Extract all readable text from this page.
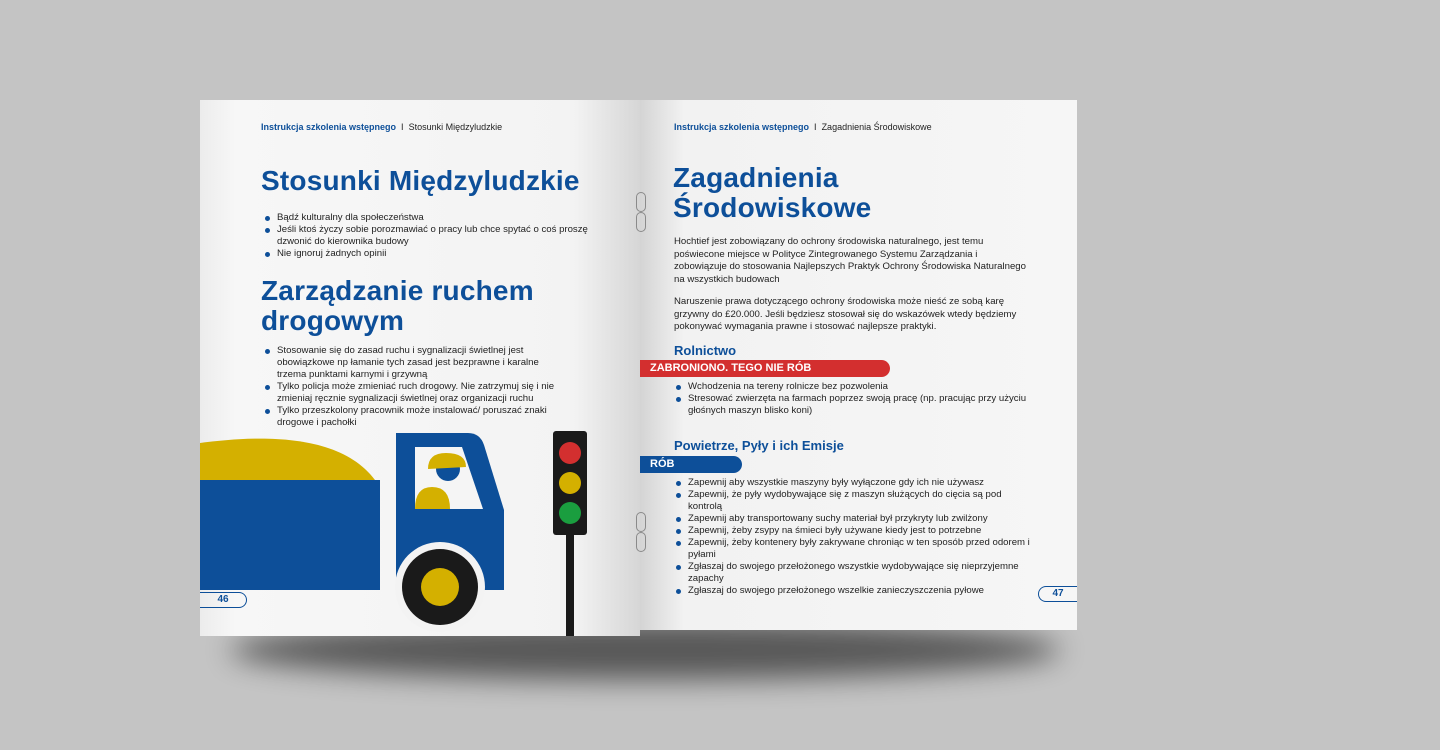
Instrukcja szkolenia wstępnego I Stosunki Międzyludzkie
Stosunki Międzyludzkie
Bądź kulturalny dla społeczeństwa
Jeśli ktoś życzy sobie porozmawiać o pracy lub chce spytać o coś proszę dzwonić do kierownika budowy
Nie ignoruj żadnych opinii
Zarządzanie ruchem
drogowym
Stosowanie się do zasad ruchu i sygnalizacji świetlnej jest obowiązkowe np łamanie tych zasad jest bezprawne i karalne trzema punktami karnymi i grzywną
Tylko policja może zmieniać ruch drogowy. Nie zatrzymuj się i nie zmieniaj ręcznie sygnalizacji świetlnej oraz organizacji ruchu
Tylko przeszkolony pracownik może instalować/ poruszać znaki drogowe i pachołki
46
Instrukcja szkolenia wstępnego I Zagadnienia Środowiskowe
Zagadnienia
Środowiskowe

Hochtief jest zobowiązany do ochrony środowiska naturalnego, jest temu poświecone miejsce w Polityce Zintegrowanego Systemu Zarządzania i zobowiązuje do stosowania Najlepszych Praktyk Ochrony Środowiska Naturalnego na wszystkich budowach

Naruszenie prawa dotyczącego ochrony środowiska może nieść ze sobą karę grzywny do £20.000. Jeśli będziesz stosował się do wskazówek wtedy będziemy pokonywać wymagania prawne i stosować najlepsze praktyki.

Rolnictwo
ZABRONIONO. TEGO NIE RÓB
Wchodzenia na tereny rolnicze bez pozwolenia
Stresować zwierzęta na farmach poprzez swoją pracę (np. pracując przy użyciu głośnych maszyn blisko koni)
Powietrze, Pyły i ich Emisje
RÓB
Zapewnij aby wszystkie maszyny były wyłączone gdy ich nie używasz
Zapewnij, że pyły wydobywające się z maszyn służących do cięcia są pod kontrolą
Zapewnij aby transportowany suchy materiał był przykryty lub zwilżony
Zapewnij, żeby zsypy na śmieci były używane kiedy jest to potrzebne
Zapewnij, żeby kontenery były zakrywane chroniąc w ten sposób przed odorem i pyłami
Zgłaszaj do swojego przełożonego wszystkie wydobywające się nieprzyjemne zapachy
Zgłaszaj do swojego przełożonego wszelkie zanieczyszczenia pyłowe	47
